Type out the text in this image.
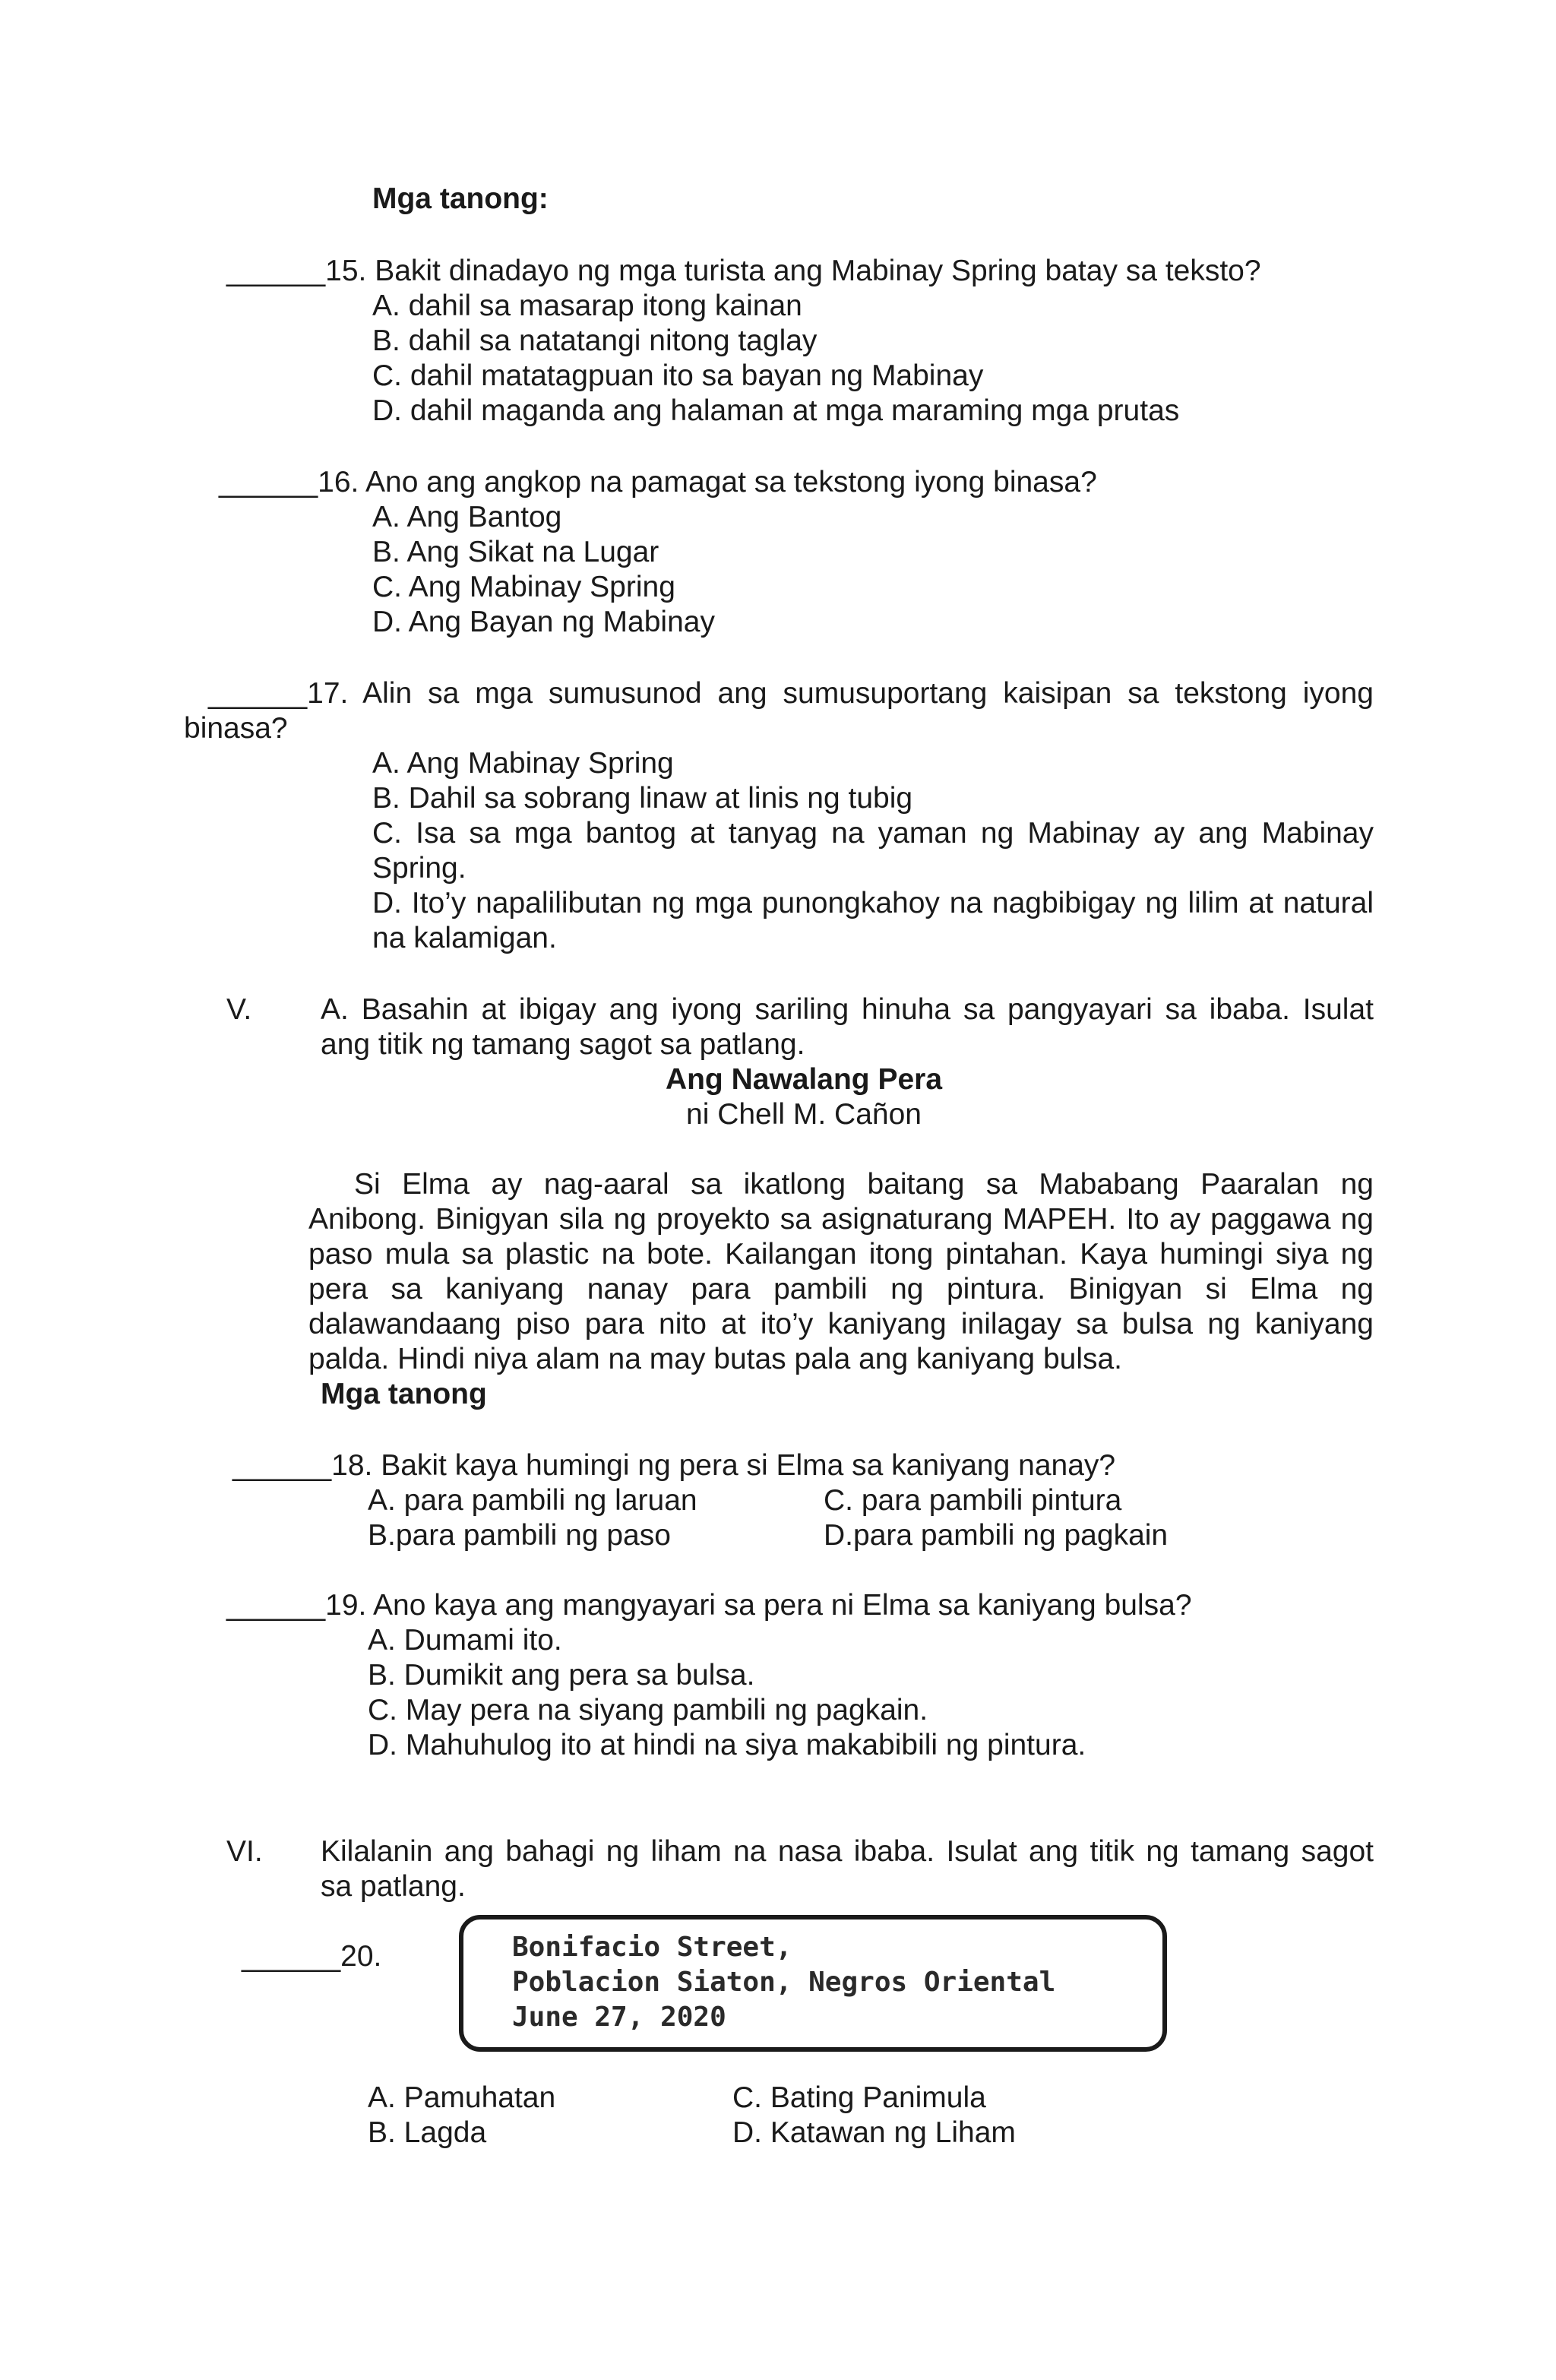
Mga tanong:
______15. Bakit dinadayo ng mga turista ang Mabinay Spring batay sa teksto?
A. dahil sa masarap itong kainan
B. dahil sa natatangi nitong taglay
C. dahil matatagpuan ito sa bayan ng Mabinay
D. dahil maganda ang halaman at mga maraming mga prutas
______16. Ano ang angkop na pamagat sa tekstong iyong binasa?
A. Ang Bantog
B. Ang Sikat na Lugar
C. Ang Mabinay Spring
D. Ang Bayan ng Mabinay
______17. Alin sa mga sumusunod ang sumusuportang kaisipan sa tekstong iyong
binasa?
A. Ang Mabinay Spring
B. Dahil sa sobrang linaw at linis ng tubig
C. Isa sa mga bantog at tanyag na yaman ng Mabinay ay ang Mabinay
Spring.
D. Ito’y napalilibutan ng mga punongkahoy na nagbibigay ng lilim at natural
na kalamigan.
V. A. Basahin at ibigay ang iyong sariling hinuha sa pangyayari sa ibaba. Isulat
ang titik ng tamang sagot sa patlang.
Ang Nawalang Pera
ni Chell M. Cañon
Si Elma ay nag-aaral sa ikatlong baitang sa Mababang Paaralan ng
Anibong. Binigyan sila ng proyekto sa asignaturang MAPEH. Ito ay paggawa ng
paso mula sa plastic na bote. Kailangan itong pintahan. Kaya humingi siya ng
pera sa kaniyang nanay para pambili ng pintura. Binigyan si Elma ng
dalawandaang piso para nito at ito’y kaniyang inilagay sa bulsa ng kaniyang
palda. Hindi niya alam na may butas pala ang kaniyang bulsa.
Mga tanong
______18. Bakit kaya humingi ng pera si Elma sa kaniyang nanay?
A. para pambili ng laruan	C. para pambili pintura
B.para pambili ng paso	D.para pambili ng pagkain
______19. Ano kaya ang mangyayari sa pera ni Elma sa kaniyang bulsa?
A. Dumami ito.
B. Dumikit ang pera sa bulsa.
C. May pera na siyang pambili ng pagkain.
D. Mahuhulog ito at hindi na siya makabibili ng pintura.
VI. Kilalanin ang bahagi ng liham na nasa ibaba. Isulat ang titik ng tamang sagot
sa patlang.
______20.	Bonifacio Street,
Poblacion Siaton, Negros Oriental
June 27, 2020
A. Pamuhatan	C. Bating Panimula
B. Lagda	D. Katawan ng Liham
